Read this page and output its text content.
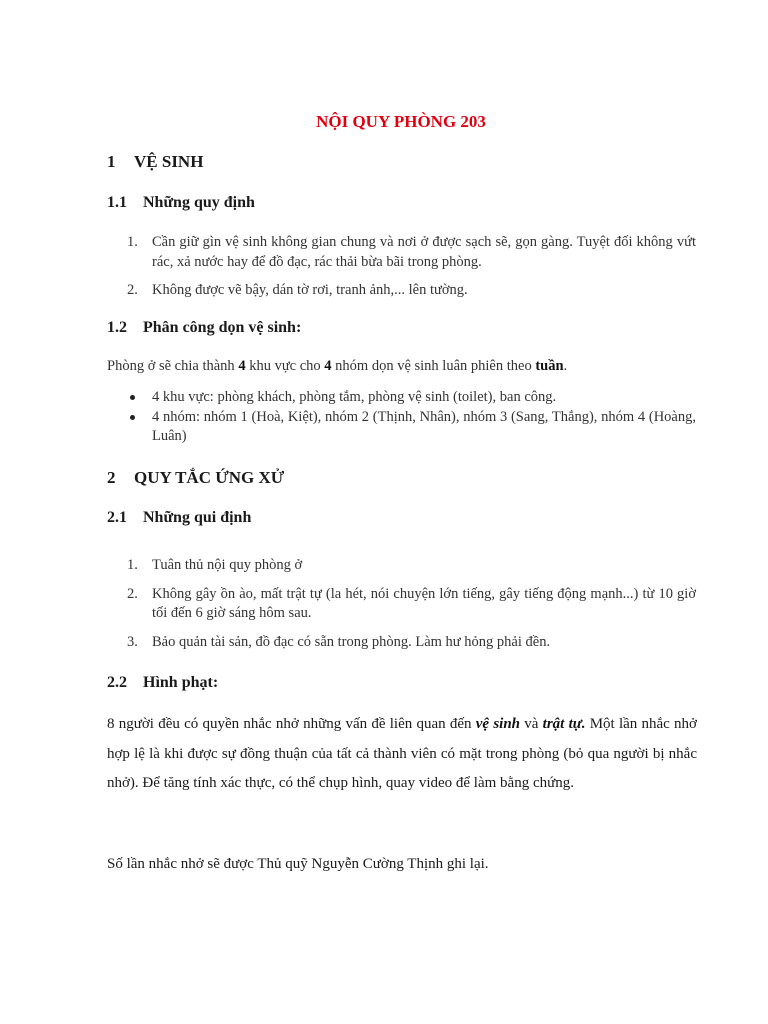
NỘI QUY PHÒNG 203
1 VỆ SINH
1.1 Những quy định
1. Cần giữ gìn vệ sinh không gian chung và nơi ở được sạch sẽ, gọn gàng. Tuyệt đối không vứt rác, xả nước hay để đồ đạc, rác thải bừa bãi trong phòng.
2. Không được vẽ bậy, dán tờ rơi, tranh ảnh,... lên tường.
1.2 Phân công dọn vệ sinh:

Phòng ở sẽ chia thành 4 khu vực cho 4 nhóm dọn vệ sinh luân phiên theo tuần.

4 khu vực: phòng khách, phòng tắm, phòng vệ sinh (toilet), ban công.
4 nhóm: nhóm 1 (Hoà, Kiệt), nhóm 2 (Thịnh, Nhân), nhóm 3 (Sang, Thắng), nhóm 4 (Hoàng, Luân)
2 QUY TẮC ỨNG XỬ
2.1 Những qui định
1. Tuân thủ nội quy phòng ở
2. Không gây ồn ào, mất trật tự (la hét, nói chuyện lớn tiếng, gây tiếng động mạnh...) từ 10 giờ tối đến 6 giờ sáng hôm sau.
3. Bảo quản tài sản, đồ đạc có sẵn trong phòng. Làm hư hỏng phải đền.
2.2 Hình phạt:

8 người đều có quyền nhắc nhở những vấn đề liên quan đến vệ sinh và trật tự. Một lần nhắc nhở hợp lệ là khi được sự đồng thuận của tất cả thành viên có mặt trong phòng (bỏ qua người bị nhắc nhở). Để tăng tính xác thực, có thể chụp hình, quay video để làm bằng chứng.

Số lần nhắc nhở sẽ được Thủ quỹ Nguyễn Cường Thịnh ghi lại.
